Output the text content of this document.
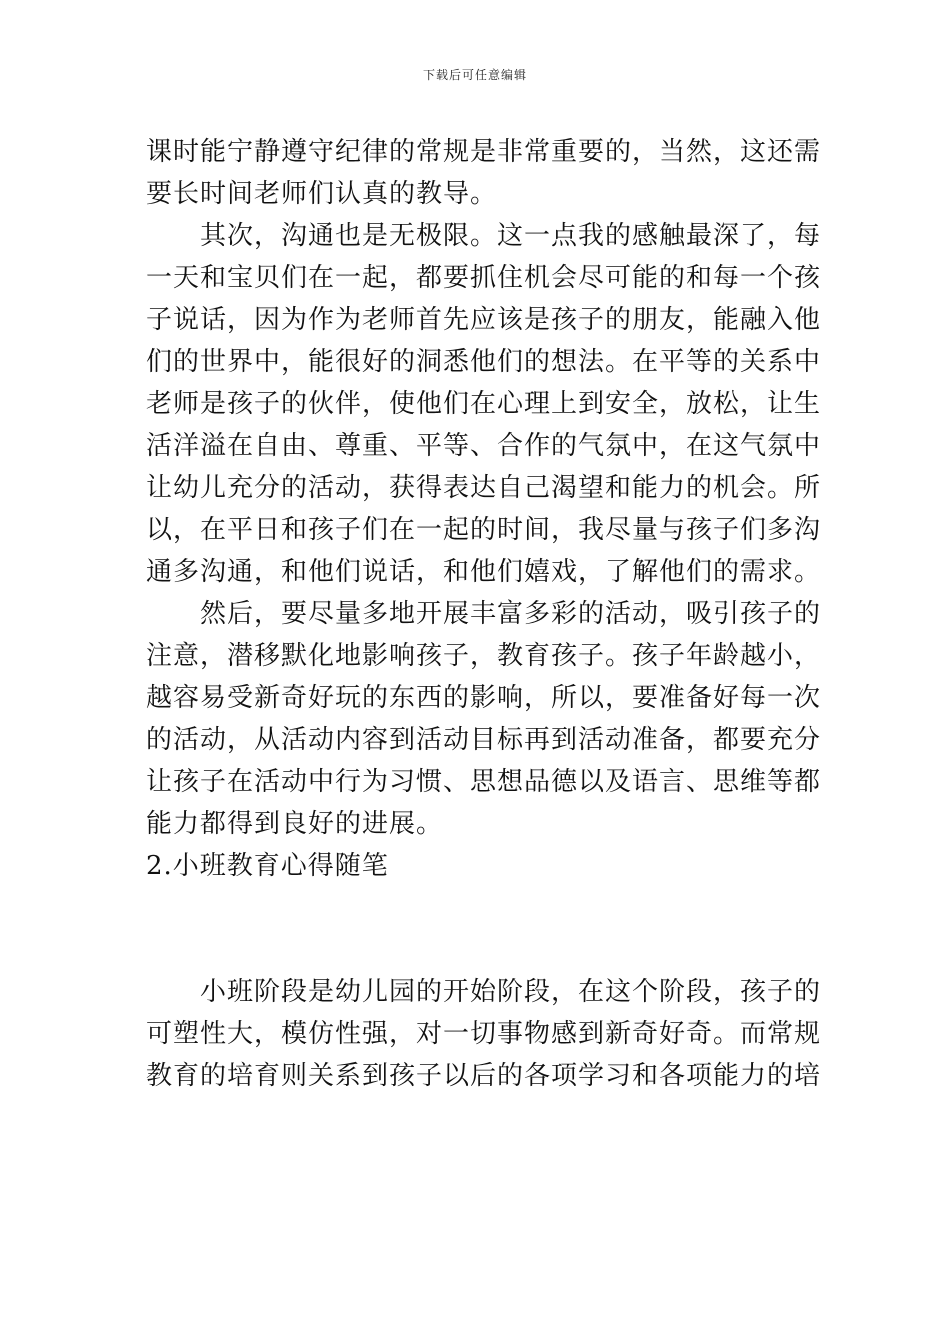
下载后可任意编辑
课时能宁静遵守纪律的常规是非常重要的，当然，这还需
要长时间老师们认真的教导。
其次，沟通也是无极限。这一点我的感触最深了，每
一天和宝贝们在一起，都要抓住机会尽可能的和每一个孩
子说话，因为作为老师首先应该是孩子的朋友，能融入他
们的世界中，能很好的洞悉他们的想法。在平等的关系中
老师是孩子的伙伴，使他们在心理上到安全，放松，让生
活洋溢在自由、尊重、平等、合作的气氛中，在这气氛中
让幼儿充分的活动，获得表达自己渴望和能力的机会。所
以，在平日和孩子们在一起的时间，我尽量与孩子们多沟
通多沟通，和他们说话，和他们嬉戏，了解他们的需求。
然后，要尽量多地开展丰富多彩的活动，吸引孩子的
注意，潜移默化地影响孩子，教育孩子。孩子年龄越小，
越容易受新奇好玩的东西的影响，所以，要准备好每一次
的活动，从活动内容到活动目标再到活动准备，都要充分
让孩子在活动中行为习惯、思想品德以及语言、思维等都
能力都得到良好的进展。
2.小班教育心得随笔
小班阶段是幼儿园的开始阶段，在这个阶段，孩子的
可塑性大，模仿性强，对一切事物感到新奇好奇。而常规
教育的培育则关系到孩子以后的各项学习和各项能力的培
